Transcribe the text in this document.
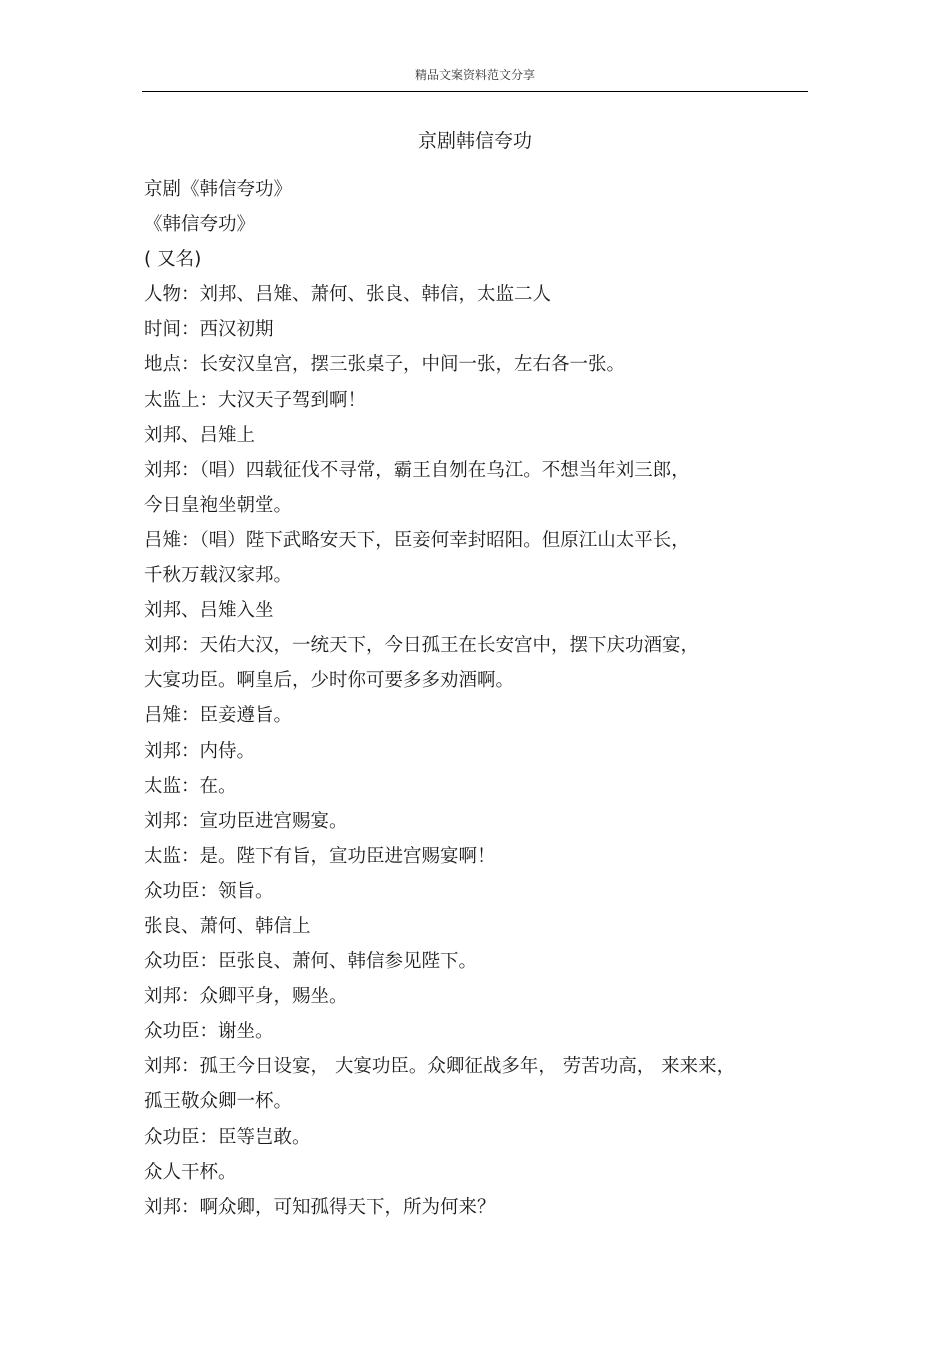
精品文案资料范文分享
京剧韩信夸功
京剧《韩信夸功》
《韩信夸功》
( 又名)
人物：刘邦、吕雉、萧何、张良、韩信，太监二人
时间：西汉初期
地点：长安汉皇宫，摆三张桌子，中间一张，左右各一张。
太监上：大汉天子驾到啊！
刘邦、吕雉上
刘邦：（唱）四载征伐不寻常，霸王自刎在乌江。不想当年刘三郎，
今日皇袍坐朝堂。
吕雉：（唱）陛下武略安天下，臣妾何幸封昭阳。但原江山太平长，
千秋万载汉家邦。
刘邦、吕雉入坐
刘邦：天佑大汉，一统天下，今日孤王在长安宫中，摆下庆功酒宴，
大宴功臣。啊皇后，少时你可要多多劝酒啊。
吕雉：臣妾遵旨。
刘邦：内侍。
太监：在。
刘邦：宣功臣进宫赐宴。
太监：是。陛下有旨，宣功臣进宫赐宴啊！
众功臣：领旨。
张良、萧何、韩信上
众功臣：臣张良、萧何、韩信参见陛下。
刘邦：众卿平身，赐坐。
众功臣：谢坐。
刘邦：孤王今日设宴， 大宴功臣。众卿征战多年， 劳苦功高， 来来来，
孤王敬众卿一杯。
众功臣：臣等岂敢。
众人干杯。
刘邦：啊众卿，可知孤得天下，所为何来？
